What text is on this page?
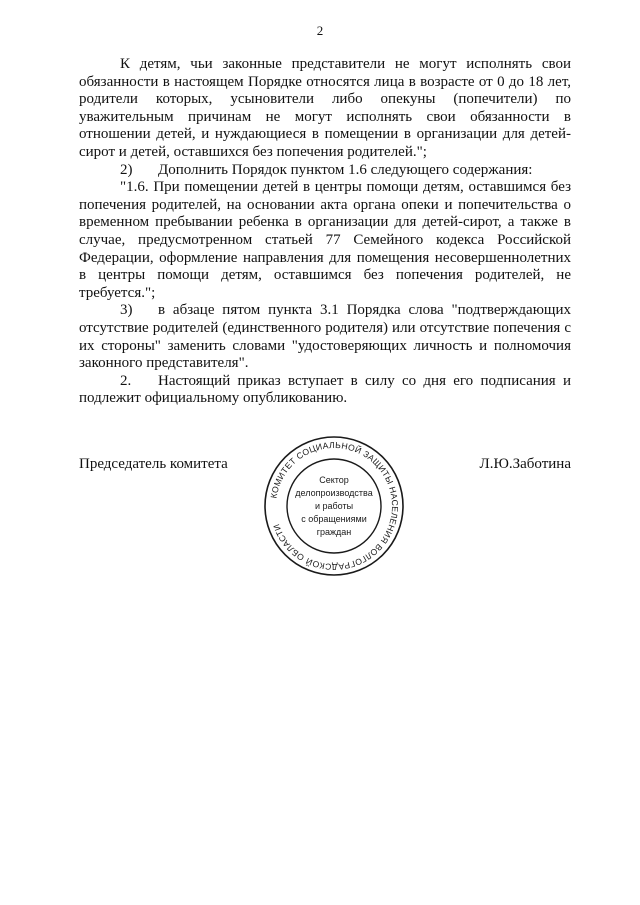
2

К детям, чьи законные представители не могут исполнять свои обязанности в настоящем Порядке относятся лица в возрасте от 0 до 18 лет, родители которых, усыновители либо опекуны (попечители) по уважительным причинам не могут исполнять свои обязанности в отношении детей, и нуждающиеся в помещении в организации для детей-сирот и детей, оставшихся без попечения родителей.";

2) Дополнить Порядок пунктом 1.6 следующего содержания:

"1.6. При помещении детей в центры помощи детям, оставшимся без попечения родителей, на основании акта органа опеки и попечительства о временном пребывании ребенка в организации для детей-сирот, а также в случае, предусмотренном статьей 77 Семейного кодекса Российской Федерации, оформление направления для помещения несовершеннолетних в центры помощи детям, оставшимся без попечения родителей, не требуется.";

3) в абзаце пятом пункта 3.1 Порядка слова "подтверждающих отсутствие родителей (единственного родителя) или отсутствие попечения с их стороны" заменить словами "удостоверяющих личность и полномочия законного представителя".

2. Настоящий приказ вступает в силу со дня его подписания и подлежит официальному опубликованию.

Председатель комитета	Л.Ю.Заботина
КОМИТЕТ СОЦИАЛЬНОЙ ЗАЩИТЫ НАСЕЛЕНИЯ ВОЛГОГРАДСКОЙ ОБЛАСТИ
Сектор
делопроизводства
и работы
с обращениями
граждан
